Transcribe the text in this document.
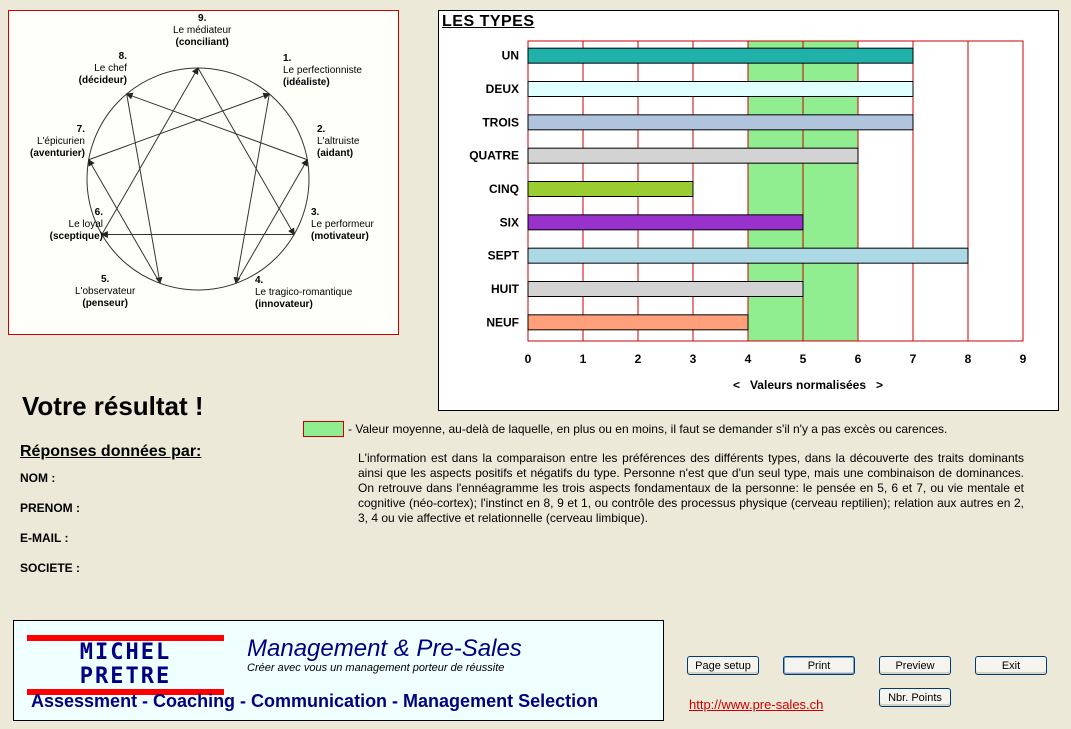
9.
Le médiateur
(conciliant)
1.
Le perfectionniste
(idéaliste)
2.
L'altruiste
(aidant)
3.
Le performeur
(motivateur)
4.
Le tragico-romantique
(innovateur)
5.
L'observateur
(penseur)
6.
Le loyal
(sceptique)
7.
L'épicurien
(aventurier)
8.
Le chef
(décideur)
LES TYPES
UN
DEUX
TROIS
QUATRE
CINQ
SIX
SEPT
HUIT
NEUF
0	1	2	3	4	5	6	7	8	9
<   Valeurs normalisées   >
Votre résultat !
Réponses données par:
NOM :
PRENOM :
E-MAIL :
SOCIETE :
- Valeur moyenne, au-delà de laquelle, en plus ou en moins, il faut se demander s'il n'y a pas excès ou carences.
L'information est dans la comparaison entre les préférences des différents types, dans la découverte des traits dominants ainsi que les aspects positifs et négatifs du type. Personne n'est que d'un seul type, mais une combinaison de dominances. On retrouve dans l'ennéagramme les trois aspects fondamentaux de la personne: le pensée en 5, 6 et 7, ou vie mentale et cognitive (néo-cortex); l'instinct en 8, 9 et 1, ou contrôle des processus physique (cerveau reptilien); relation aux autres en 2, 3, 4 ou vie affective et relationnelle (cerveau limbique).
MICHEL PRETRE
Management & Pre-Sales
Créer avec vous un management porteur de réussite
Assessment - Coaching - Communication - Management Selection
Page setup	Print	Preview	Exit
Nbr. Points
http://www.pre-sales.ch
